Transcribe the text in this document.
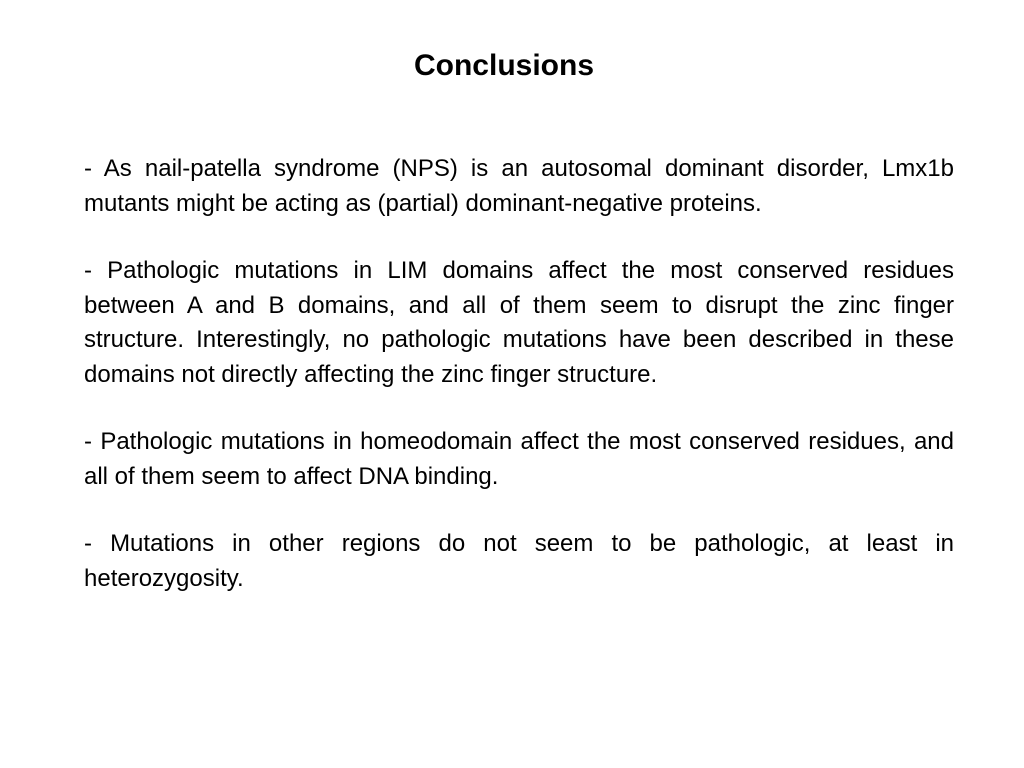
Conclusions

- As nail-patella syndrome (NPS) is an autosomal dominant disorder, Lmx1b mutants might be acting as (partial) dominant-negative proteins.

- Pathologic mutations in LIM domains affect the most conserved residues between A and B domains, and all of them seem to disrupt the zinc finger structure. Interestingly, no pathologic mutations have been described in these domains not directly affecting the zinc finger structure.

- Pathologic mutations in homeodomain affect the most conserved residues, and all of them seem to affect DNA binding.

- Mutations in other regions do not seem to be pathologic, at least in heterozygosity.
